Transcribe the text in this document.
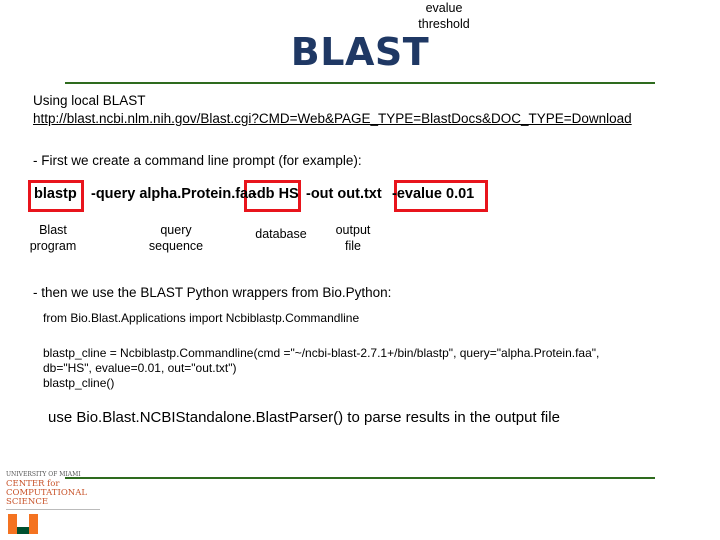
BLAST
Using local BLAST
http://blast.ncbi.nlm.nih.gov/Blast.cgi?CMD=Web&PAGE_TYPE=BlastDocs&DOC_TYPE=Download
- First we create a command line prompt (for example):
blastp -query alpha.Protein.faa
-db HS -out out.txt -evalue 0.01
Blast
program
query
sequence
database	output
file
evalue
threshold
- then we use the BLAST Python wrappers from Bio.Python:
from Bio.Blast.Applications import Ncbiblastp.Commandline
blastp_cline = Ncbiblastp.Commandline(cmd ="~/ncbi-blast-2.7.1+/bin/blastp", query="alpha.Protein.faa",
db="HS", evalue=0.01, out="out.txt")
blastp_cline()
use Bio.Blast.NCBIStandalone.BlastParser() to parse results in the output file
UNIVERSITY OF MIAMI
CENTER for
COMPUTATIONAL
SCIENCE
